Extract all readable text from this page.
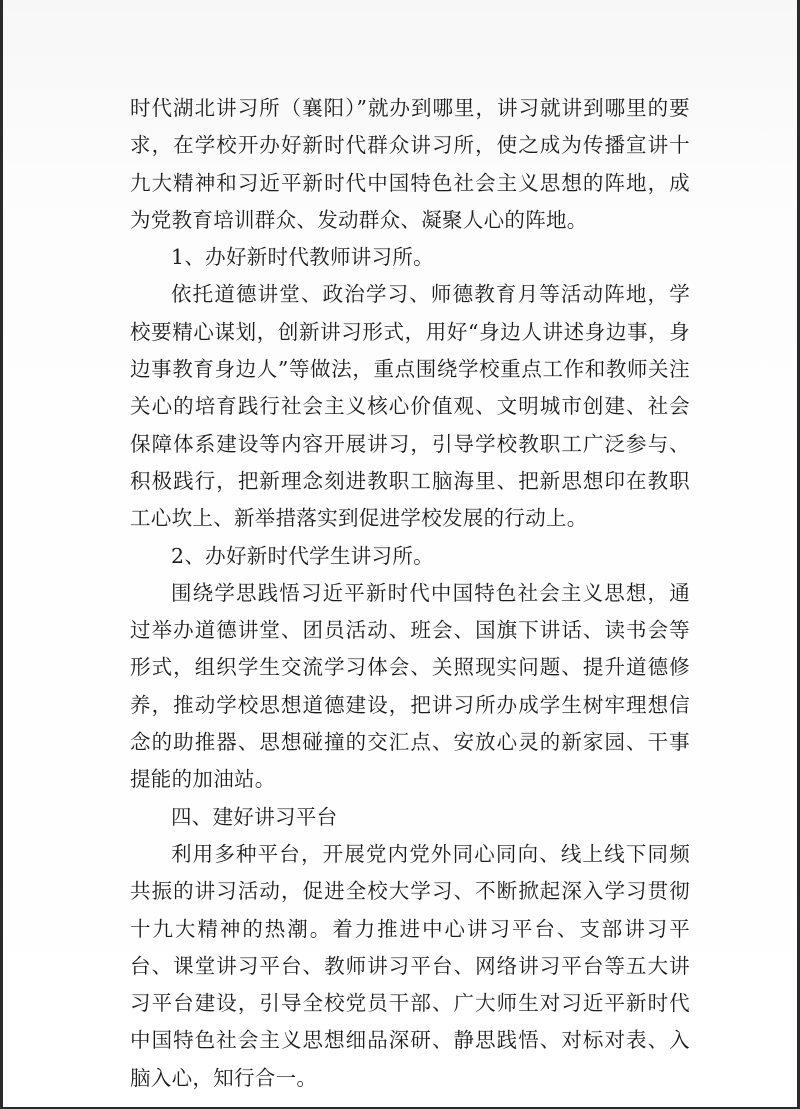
时代湖北讲习所（襄阳）”就办到哪里，讲习就讲到哪里的要求，在学校开办好新时代群众讲习所，使之成为传播宣讲十九大精神和习近平新时代中国特色社会主义思想的阵地，成为党教育培训群众、发动群众、凝聚人心的阵地。

1、办好新时代教师讲习所。

依托道德讲堂、政治学习、师德教育月等活动阵地，学校要精心谋划，创新讲习形式，用好“身边人讲述身边事，身边事教育身边人”等做法，重点围绕学校重点工作和教师关注关心的培育践行社会主义核心价值观、文明城市创建、社会保障体系建设等内容开展讲习，引导学校教职工广泛参与、积极践行，把新理念刻进教职工脑海里、把新思想印在教职工心坎上、新举措落实到促进学校发展的行动上。

2、办好新时代学生讲习所。

围绕学思践悟习近平新时代中国特色社会主义思想，通过举办道德讲堂、团员活动、班会、国旗下讲话、读书会等形式，组织学生交流学习体会、关照现实问题、提升道德修养，推动学校思想道德建设，把讲习所办成学生树牢理想信念的助推器、思想碰撞的交汇点、安放心灵的新家园、干事提能的加油站。

四、建好讲习平台

利用多种平台，开展党内党外同心同向、线上线下同频共振的讲习活动，促进全校大学习、不断掀起深入学习贯彻十九大精神的热潮。着力推进中心讲习平台、支部讲习平台、课堂讲习平台、教师讲习平台、网络讲习平台等五大讲习平台建设，引导全校党员干部、广大师生对习近平新时代中国特色社会主义思想细品深研、静思践悟、对标对表、入脑入心，知行合一。
